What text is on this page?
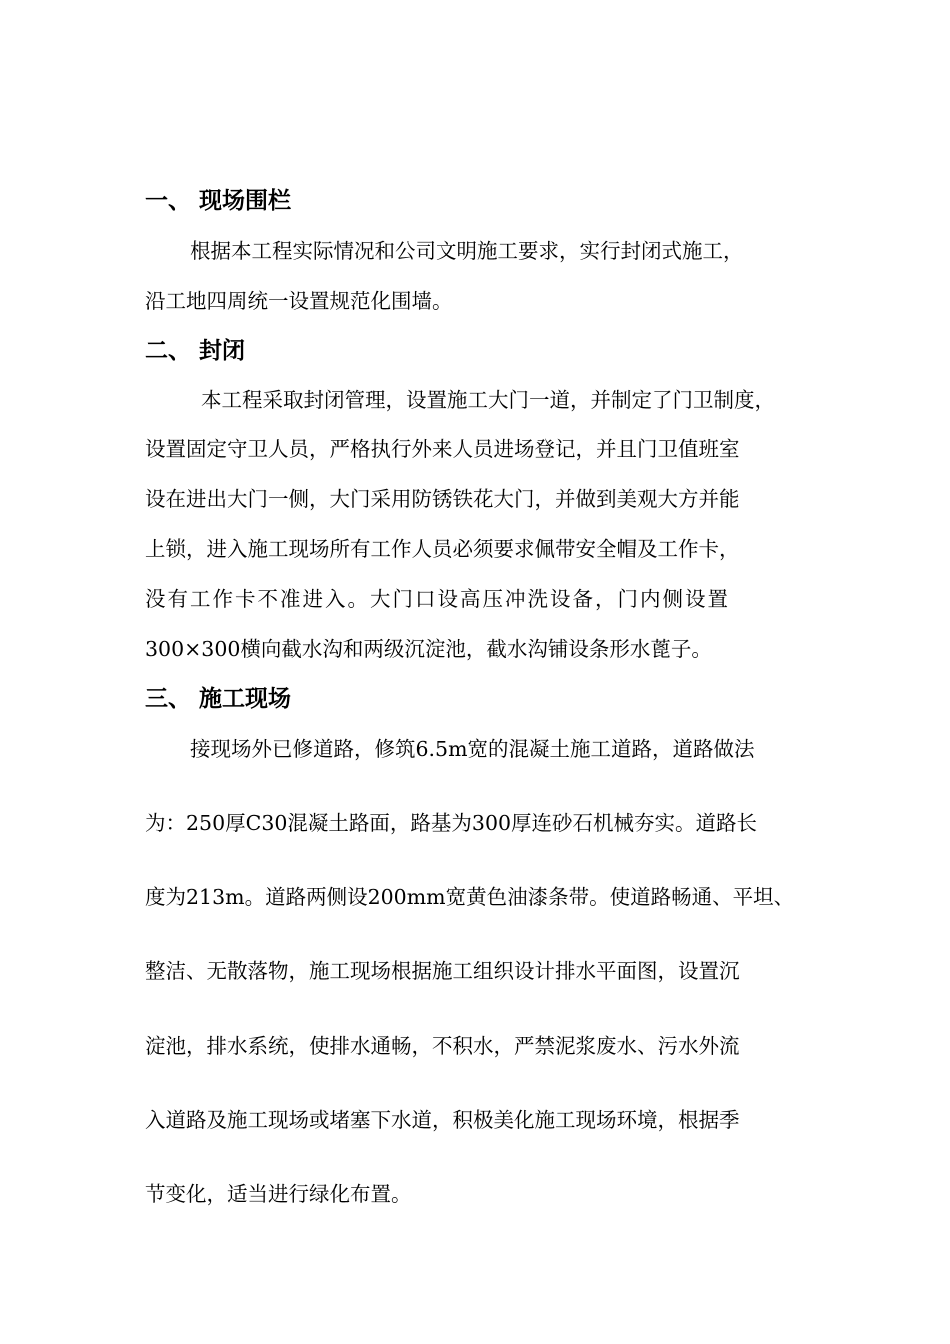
一、 现场围栏
根据本工程实际情况和公司文明施工要求，实行封闭式施工，
沿工地四周统一设置规范化围墙。
二、 封闭
本工程采取封闭管理，设置施工大门一道，并制定了门卫制度，
设置固定守卫人员，严格执行外来人员进场登记，并且门卫值班室
设在进出大门一侧，大门采用防锈铁花大门，并做到美观大方并能
上锁，进入施工现场所有工作人员必须要求佩带安全帽及工作卡，
没有工作卡不准进入。大门口设高压冲洗设备，门内侧设置
300×300横向截水沟和两级沉淀池，截水沟铺设条形水蓖子。
三、 施工现场
接现场外已修道路，修筑6.5m宽的混凝土施工道路，道路做法
为：250厚C30混凝土路面，路基为300厚连砂石机械夯实。道路长
度为213m。道路两侧设200mm宽黄色油漆条带。使道路畅通、平坦、
整洁、无散落物，施工现场根据施工组织设计排水平面图，设置沉
淀池，排水系统，使排水通畅，不积水，严禁泥浆废水、污水外流
入道路及施工现场或堵塞下水道，积极美化施工现场环境，根据季
节变化，适当进行绿化布置。
